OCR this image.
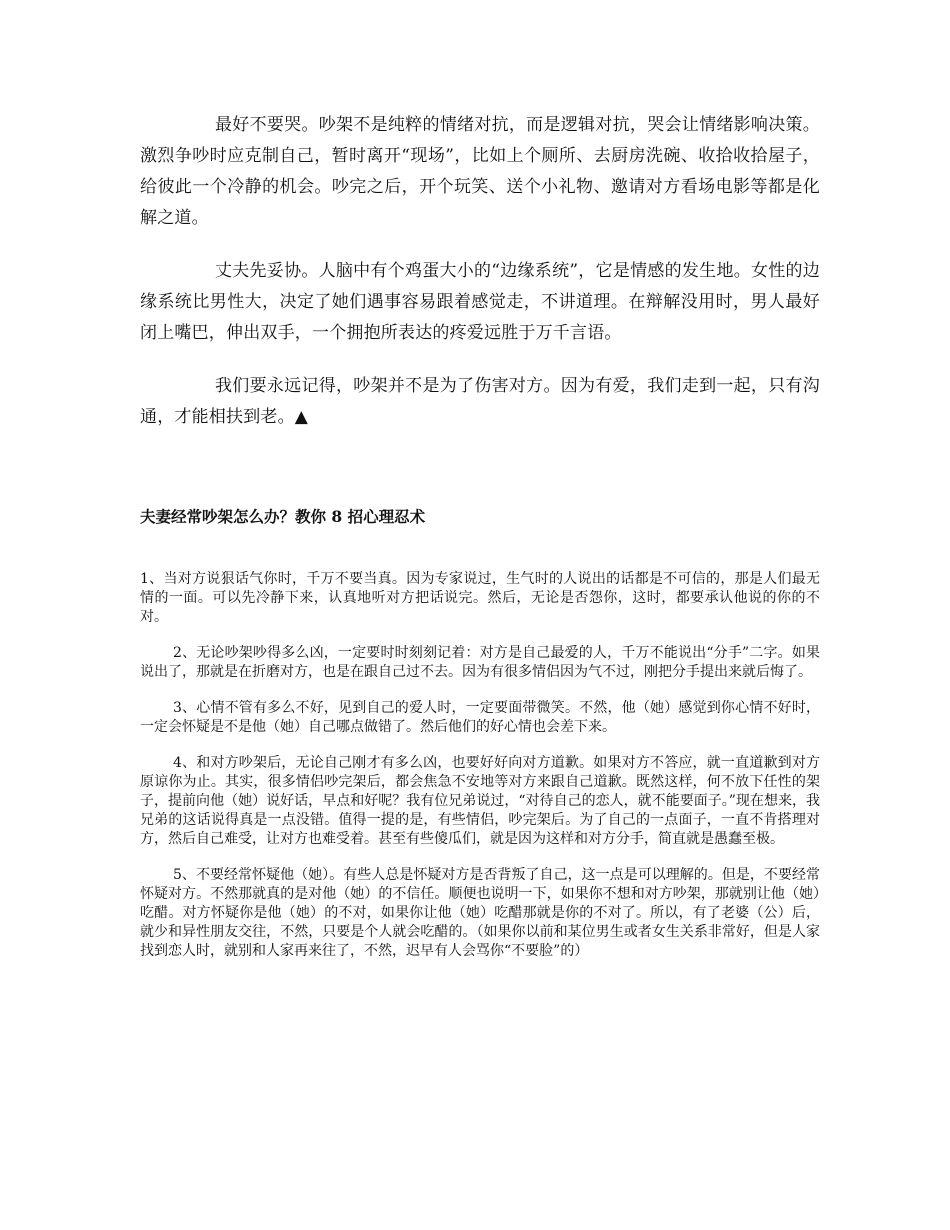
最好不要哭。吵架不是纯粹的情绪对抗，而是逻辑对抗，哭会让情绪影响决策。激烈争吵时应克制自己，暂时离开“现场”，比如上个厕所、去厨房洗碗、收拾收拾屋子，给彼此一个冷静的机会。吵完之后，开个玩笑、送个小礼物、邀请对方看场电影等都是化解之道。

丈夫先妥协。人脑中有个鸡蛋大小的“边缘系统”，它是情感的发生地。女性的边缘系统比男性大，决定了她们遇事容易跟着感觉走，不讲道理。在辩解没用时，男人最好闭上嘴巴，伸出双手，一个拥抱所表达的疼爱远胜于万千言语。

我们要永远记得，吵架并不是为了伤害对方。因为有爱，我们走到一起，只有沟通，才能相扶到老。▲

夫妻经常吵架怎么办？教你 8 招心理忍术

1、当对方说狠话气你时，千万不要当真。因为专家说过，生气时的人说出的话都是不可信的，那是人们最无情的一面。可以先冷静下来，认真地听对方把话说完。然后，无论是否怨你，这时，都要承认他说的你的不对。

2、无论吵架吵得多么凶，一定要时时刻刻记着：对方是自己最爱的人，千万不能说出“分手”二字。如果说出了，那就是在折磨对方，也是在跟自己过不去。因为有很多情侣因为气不过，刚把分手提出来就后悔了。

3、心情不管有多么不好，见到自己的爱人时，一定要面带微笑。不然，他（她）感觉到你心情不好时，一定会怀疑是不是他（她）自己哪点做错了。然后他们的好心情也会差下来。

4、和对方吵架后，无论自己刚才有多么凶，也要好好向对方道歉。如果对方不答应，就一直道歉到对方原谅你为止。其实，很多情侣吵完架后，都会焦急不安地等对方来跟自己道歉。既然这样，何不放下任性的架子，提前向他（她）说好话，早点和好呢？我有位兄弟说过，“对待自己的恋人，就不能要面子。”现在想来，我兄弟的这话说得真是一点没错。值得一提的是，有些情侣，吵完架后。为了自己的一点面子，一直不肯搭理对方，然后自己难受，让对方也难受着。甚至有些傻瓜们，就是因为这样和对方分手，简直就是愚蠢至极。

5、不要经常怀疑他（她）。有些人总是怀疑对方是否背叛了自己，这一点是可以理解的。但是，不要经常怀疑对方。不然那就真的是对他（她）的不信任。顺便也说明一下，如果你不想和对方吵架，那就别让他（她）吃醋。对方怀疑你是他（她）的不对，如果你让他（她）吃醋那就是你的不对了。所以，有了老婆（公）后，就少和异性朋友交往，不然，只要是个人就会吃醋的。（如果你以前和某位男生或者女生关系非常好，但是人家找到恋人时，就别和人家再来往了，不然，迟早有人会骂你“不要脸”的）
